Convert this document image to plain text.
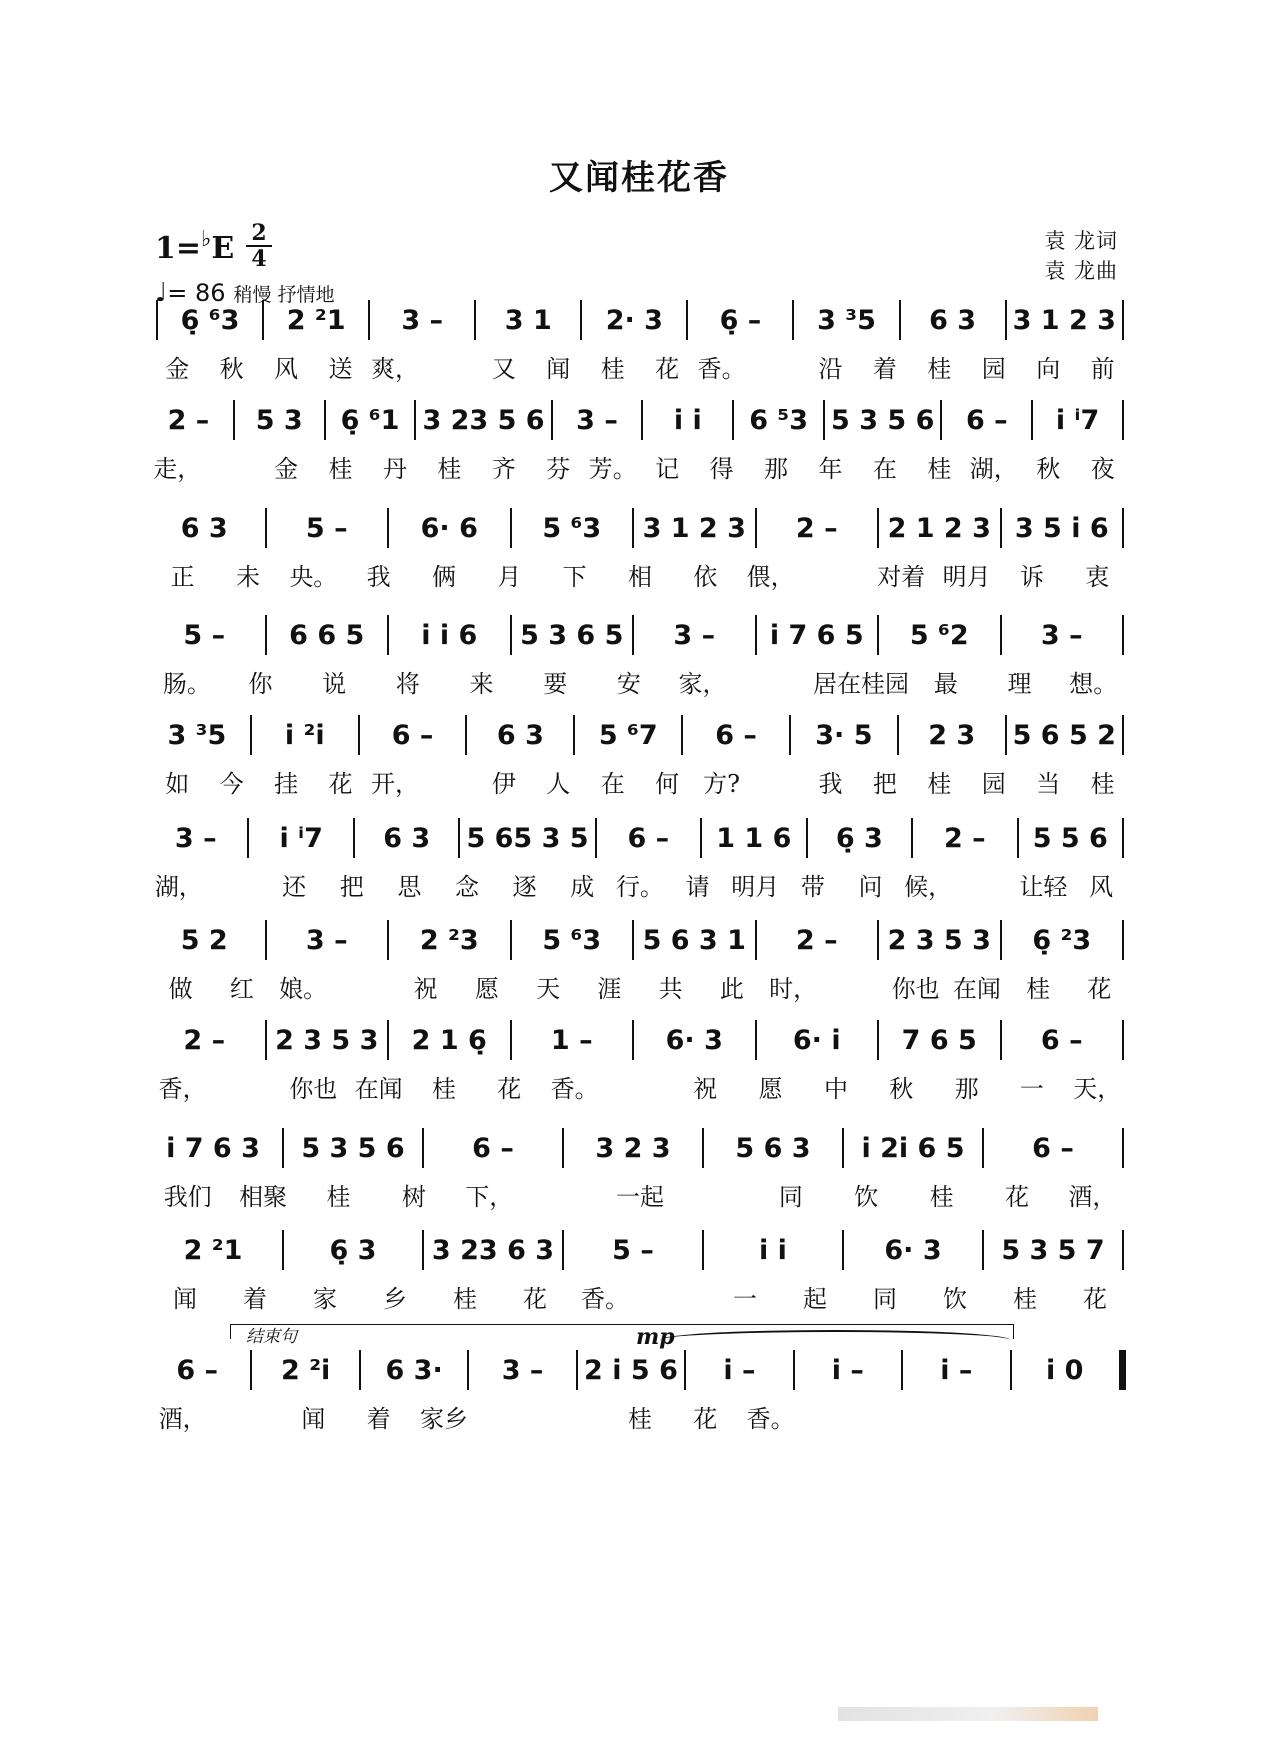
又闻桂花香
1=♭E 2
4
♩= 86 稍慢 抒情地
袁 龙词
袁 龙曲
6̣ ⁶3	2 ²1	3 –	3 1	2· 3	6̣ –	3 ³5	6 3	3 1 2 3
金	秋	风	送 爽，	又	闻	桂	花 香。	沿	着	桂	园	向	前
2 –	5 3	6̣ ⁶1 3 23 5 6	3 –	i i	6 ⁵3 5 3 5 6	6 –	i ⁱ7
走，	金	桂	丹	桂	齐	芬 芳。 记	得	那	年	在	桂 湖， 秋	夜
6 3	5 –	6· 6	5 ⁶3	3 1 2 3	2 –	2 1 2 3 3 5 i 6
正	未	央。	我	俩	月	下	相	依	偎，	对着 明月	诉	衷
5 –	6 6 5	i i 6	5 3 6 5	3 –	i 7 6 5	5 ⁶2	3 –
肠。	你	说	将	来	要	安	家，	居在桂园	最	理	想。
3 ³5	i ²i	6 –	6 3	5 ⁶7	6 –	3· 5	2 3	5 6 5 2
如	今	挂	花 开，	伊	人	在	何	方?	我	把	桂	园	当	桂
3 –	i ⁱ7	6 3	5 65 3 5	6 –	1 1 6	6̣ 3	2 –	5 5 6
湖，	还	把	思	念	逐	成 行。 请 明月 带	问 候，	让轻 风
5 2	3 –	2 ²3	5 ⁶3	5 6 3 1	2 –	2 3 5 3	6̣ ²3
做	红	娘。	祝	愿	天	涯	共	此	时，	你也 在闻	桂	花
2 –	2 3 5 3	2 1 6̣	1 –	6· 3	6· i	7 6 5	6 –
香，	你也 在闻	桂	花	香。	祝	愿	中	秋	那	一	天，
i 7 6 3	5 3 5 6	6 –	3 2 3	5 6 3	i 2i 6 5	6 –
我们	相聚	桂	树	下，	一起	同	饮	桂	花	酒，
2 ²1	6̣ 3	3 23 6 3	5 –	i i	6· 3	5 3 5 7
闻	着	家	乡	桂	花	香。	一	起	同	饮	桂	花
6 –	2 ²i	6 3·	3 –	2 i 5 6	i –	i –	i –	i 0
酒，	闻	着	家乡	桂	花	香。
结束句	mp
